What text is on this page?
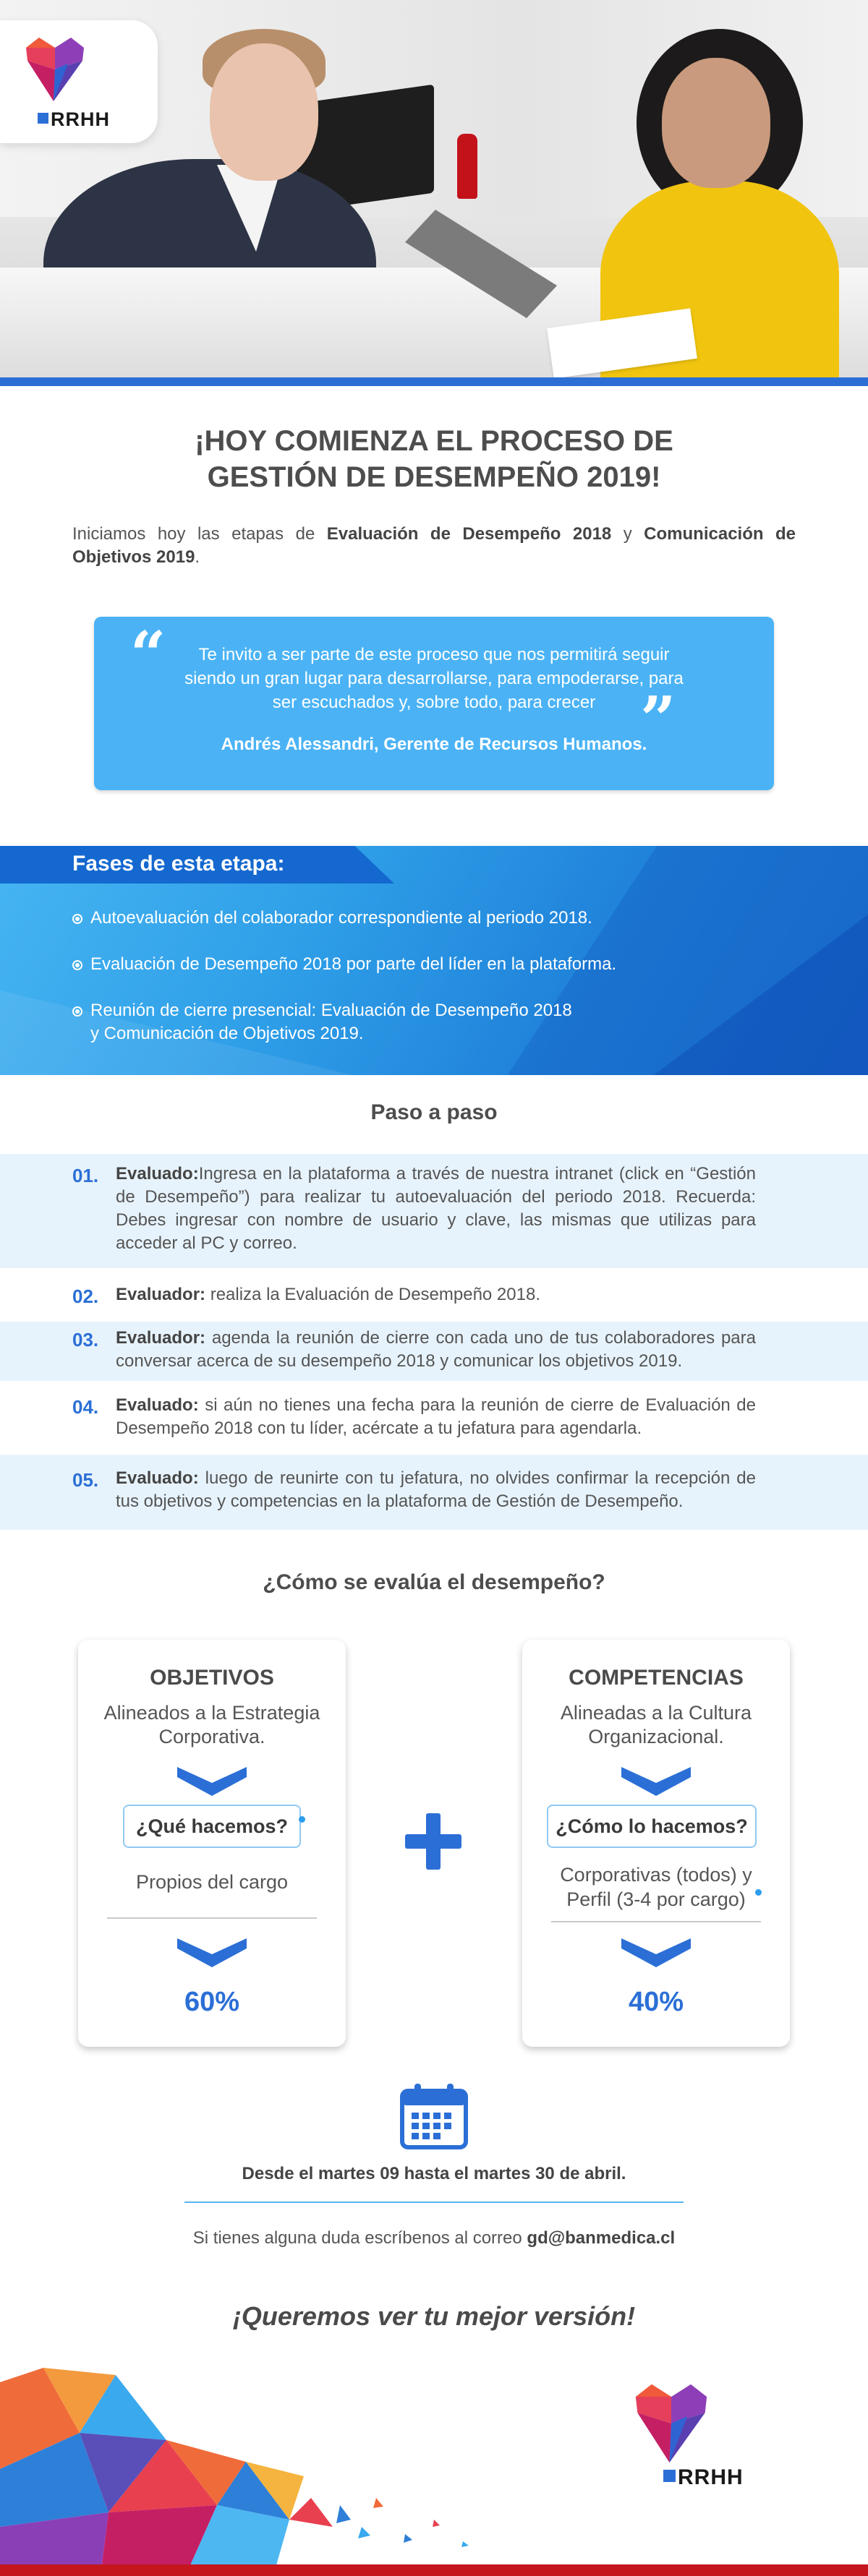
RRHH
¡HOY COMIENZA EL PROCESO DE
GESTIÓN DE DESEMPEÑO 2019!

Iniciamos hoy las etapas de Evaluación de Desempeño 2018 y Comunicación de Objetivos 2019.

“	Te invito a ser parte de este proceso que nos permitirá seguir siendo un gran lugar para desarrollarse, para empoderarse, para ser escuchados y, sobre todo, para crecer ”
Andrés Alessandri, Gerente de Recursos Humanos.
Fases de esta etapa:
Autoevaluación del colaborador correspondiente al periodo 2018.
Evaluación de Desempeño 2018 por parte del líder en la plataforma.
Reunión de cierre presencial: Evaluación de Desempeño 2018
y Comunicación de Objetivos 2019.
Paso a paso
01. Evaluado:Ingresa en la plataforma a través de nuestra intranet (click en “Gestión de Desempeño”) para realizar tu autoevaluación del periodo 2018. Recuerda: Debes ingresar con nombre de usuario y clave, las mismas que utilizas para acceder al PC y correo.
02. Evaluador: realiza la Evaluación de Desempeño 2018.
03. Evaluador: agenda la reunión de cierre con cada uno de tus colaboradores para conversar acerca de su desempeño 2018 y comunicar los objetivos 2019.
04. Evaluado: si aún no tienes una fecha para la reunión de cierre de Evaluación de Desempeño 2018 con tu líder, acércate a tu jefatura para agendarla.
05. Evaluado: luego de reunirte con tu jefatura, no olvides confirmar la recepción de tus objetivos y competencias en la plataforma de Gestión de Desempeño.
¿Cómo se evalúa el desempeño?
OBJETIVOS
Alineados a la Estrategia
Corporativa.
¿Qué hacemos?
Propios del cargo
60%
COMPETENCIAS
Alineadas a la Cultura
Organizacional.
¿Cómo lo hacemos?
Corporativas (todos) y
Perfil (3-4 por cargo)
40%
Desde el martes 09 hasta el martes 30 de abril.
Si tienes alguna duda escríbenos al correo gd@banmedica.cl
¡Queremos ver tu mejor versión!
RRHH
